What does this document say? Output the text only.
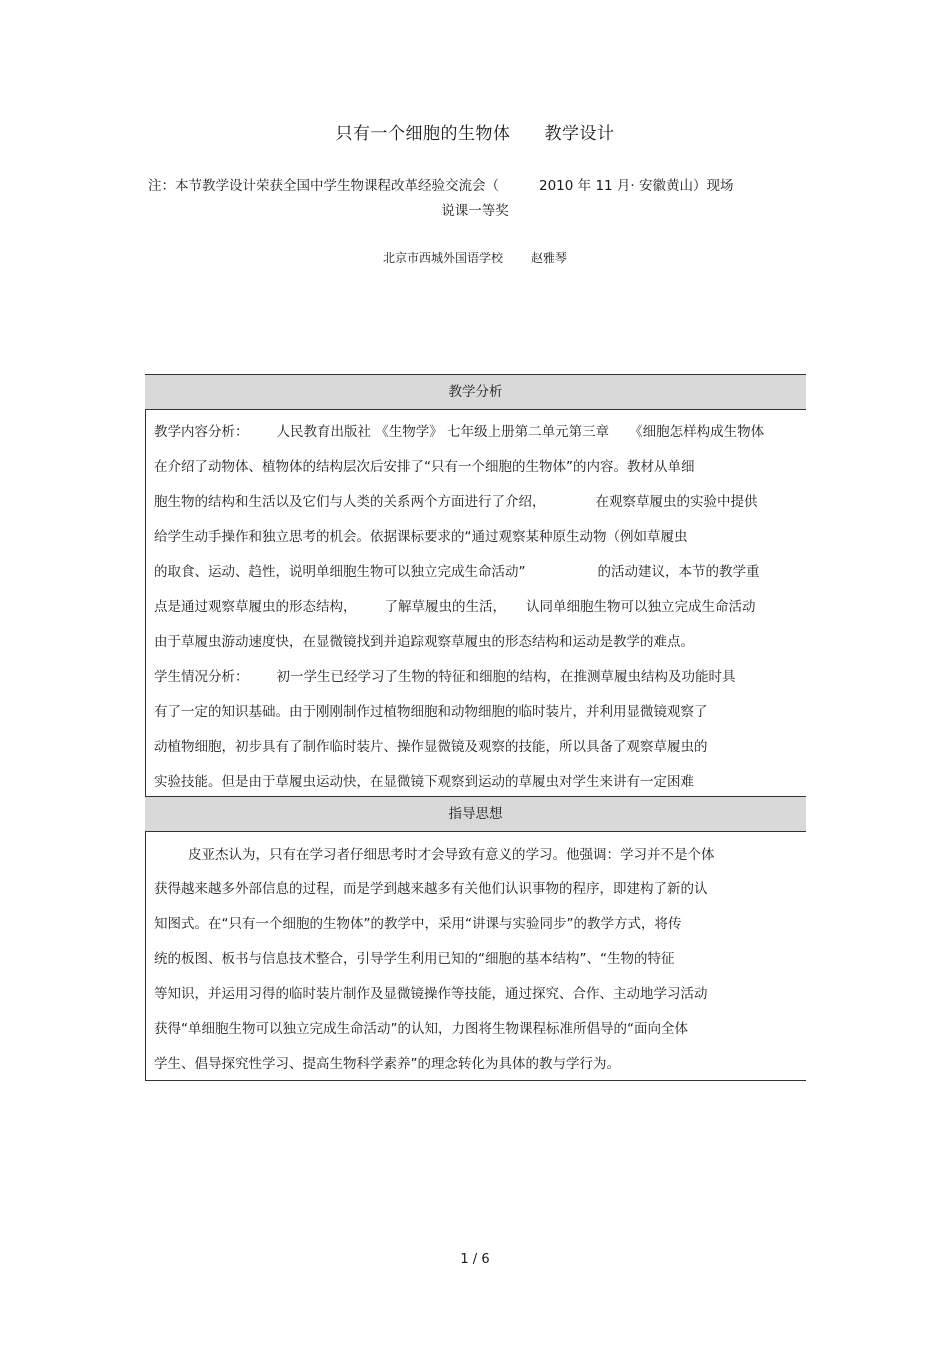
只有一个细胞的生物体 教学设计
注：本节教学设计荣获全国中学生物课程改革经验交流会（	2010 年 11 月· 安徽黄山）现场
说课一等奖
北京市西城外国语学校 赵雅琴
教学分析
教学内容分析： 人民教育出版社 《生物学》 七年级上册第二单元第三章 《细胞怎样构成生物体
在介绍了动物体、植物体的结构层次后安排了“只有一个细胞的生物体”的内容。教材从单细
胞生物的结构和生活以及它们与人类的关系两个方面进行了介绍，	在观察草履虫的实验中提供
给学生动手操作和独立思考的机会。依据课标要求的“通过观察某种原生动物（例如草履虫
的取食、运动、趋性，说明单细胞生物可以独立完成生命活动”	的活动建议，本节的教学重
点是通过观察草履虫的形态结构， 了解草履虫的生活， 认同单细胞生物可以独立完成生命活动
由于草履虫游动速度快，在显微镜找到并追踪观察草履虫的形态结构和运动是教学的难点。
学生情况分析： 初一学生已经学习了生物的特征和细胞的结构，在推测草履虫结构及功能时具
有了一定的知识基础。由于刚刚制作过植物细胞和动物细胞的临时装片，并利用显微镜观察了
动植物细胞，初步具有了制作临时装片、操作显微镜及观察的技能，所以具备了观察草履虫的
实验技能。但是由于草履虫运动快，在显微镜下观察到运动的草履虫对学生来讲有一定困难
指导思想
皮亚杰认为，只有在学习者仔细思考时才会导致有意义的学习。他强调：学习并不是个体
获得越来越多外部信息的过程，而是学到越来越多有关他们认识事物的程序，即建构了新的认
知图式。在“只有一个细胞的生物体”的教学中，采用“讲课与实验同步”的教学方式，将传
统的板图、板书与信息技术整合，引导学生利用已知的“细胞的基本结构”、“生物的特征
等知识，并运用习得的临时装片制作及显微镜操作等技能，通过探究、合作、主动地学习活动
获得“单细胞生物可以独立完成生命活动”的认知，力图将生物课程标准所倡导的“面向全体
学生、倡导探究性学习、提高生物科学素养”的理念转化为具体的教与学行为。
1 / 6
